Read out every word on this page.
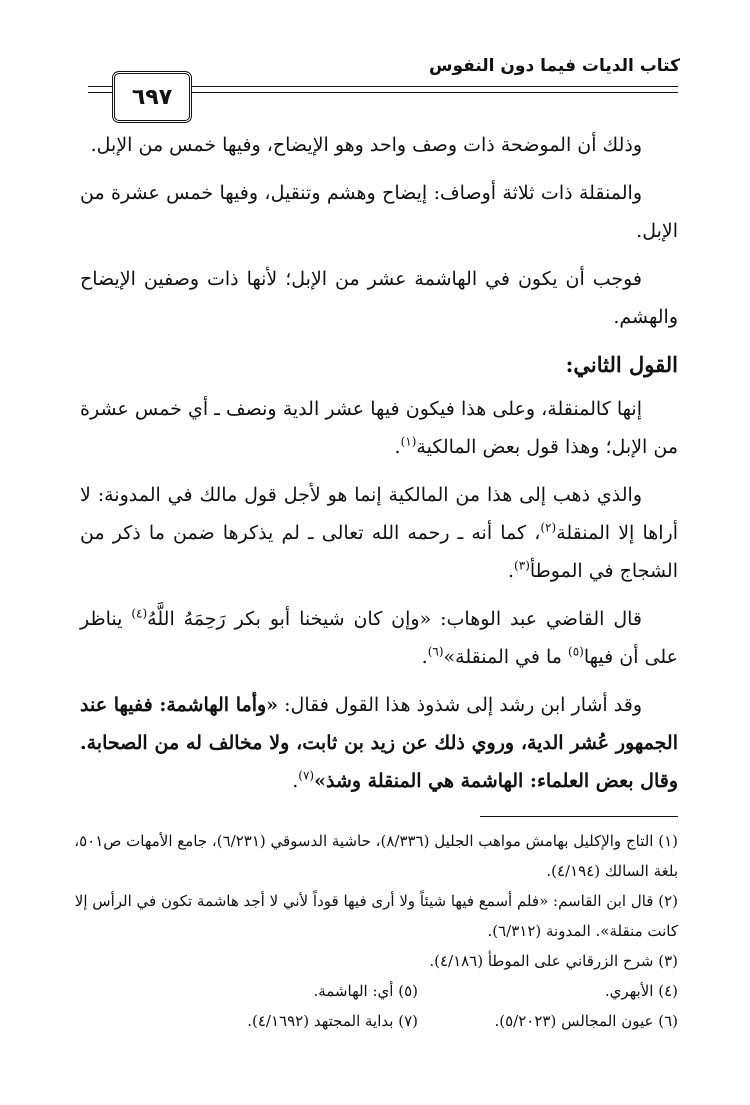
كتاب الديات فيما دون النفوس
٦٩٧

وذلك أن الموضحة ذات وصف واحد وهو الإيضاح، وفيها خمس من الإبل.

والمنقلة ذات ثلاثة أوصاف: إيضاح وهشم وتنقيل، وفيها خمس عشرة من الإبل.

فوجب أن يكون في الهاشمة عشر من الإبل؛ لأنها ذات وصفين الإيضاح والهشم.

القول الثاني:

إنها كالمنقلة، وعلى هذا فيكون فيها عشر الدية ونصف ـ أي خمس عشرة من الإبل؛ وهذا قول بعض المالكية$^{(١)}$.

والذي ذهب إلى هذا من المالكية إنما هو لأجل قول مالك في المدونة: لا أراها إلا المنقلة$^{(٢)}$، كما أنه ـ رحمه الله تعالى ـ لم يذكرها ضمن ما ذكر من الشجاج في الموطأ$^{(٣)}$.

قال القاضي عبد الوهاب: «وإن كان شيخنا أبو بكر رَحِمَهُ اللَّهُ$^{(٤)}$ يناظر على أن فيها$^{(٥)}$ ما في المنقلة»$^{(٦)}$.

وقد أشار ابن رشد إلى شذوذ هذا القول فقال: «وأما الهاشمة: ففيها عند الجمهور عُشر الدية، وروي ذلك عن زيد بن ثابت، ولا مخالف له من الصحابة. وقال بعض العلماء: الهاشمة هي المنقلة وشذ»$^{(٧)}$.

(١) التاج والإكليل بهامش مواهب الجليل (٨/٣٣٦)، حاشية الدسوقي (٦/٢٣١)، جامع الأمهات ص٥٠١، بلغة السالك (٤/١٩٤).
(٢) قال ابن القاسم: «فلم أسمع فيها شيئاً ولا أرى فيها قوداً لأني لا أجد هاشمة تكون في الرأس إلا كانت منقلة». المدونة (٦/٣١٢).
(٣) شرح الزرقاني على الموطأ (٤/١٨٦).
(٤) الأبهري.
(٥) أي: الهاشمة.
(٦) عيون المجالس (٥/٢٠٢٣).
(٧) بداية المجتهد (٤/١٦٩٢).
